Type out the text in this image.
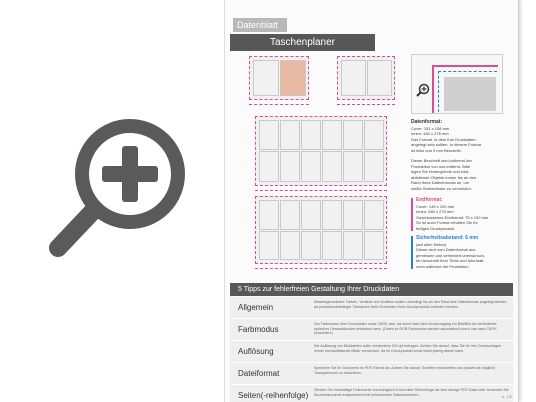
Datenblatt
Taschenplaner
Datenformat:
Cover: 151 x 108 mm
Innen: 460 x 276 mm
Das Format, in dem Ihre Druckdaten
angelegt sein sollten. In diesem Format
ist links und 3 mm Beschnitt.
Dieser Beschnitt wird während der
Produktion von uns entfernt. Bitte
legen Sie Hintergründe und wird-
abfallende Objekte immer bis an den
Rand Ihres Datenformats an, um
weiße Seitenränder zu vermeiden.
Endformat:
Cover: 145 x 100 mm
Innen: 460 x 275 mm
Geschlossenes Endformat: 75 x 100 mm
So ist auch Format erhalten Sie Ihr
fertiges Druckprodukt.
Sicherheitsabstand: 6 mm
(auf allen Seiten)
Dieser wird vom Datenformat aus
gemessen und verhindert unerwünsch-
ten Anschnitt Ihrer Texte und Informati-
onen während der Produktion.
5 Tipps zur fehlerfreien Gestaltung Ihrer Druckdaten
Allgemein
Mindestgrenzlinien: Farben, Verläufe und Grafiken sollten unbedingt bis an den Rand des Datenformats angelegt werden, da produktionsbedingte Toleranzen beim Schneiden Ihres Druckprodukts auftreten können.
Farbmodus
Der Farbmodus Ihrer Druckdaten muss CMYK sein, da sonst nach dem Druckvorgang ein Bild/Bild ein verändertes optisches Gesamtdruckes entstehen kann. (Daten im RGB-Farbmodus werden automatisch durch uns nach CMYK konvertiert.)
Auflösung
Die Auflösung von Bilddateien sollte mindestens 300 dpi betragen. Achten Sie darauf, dass Sie für Ihre Druckvorlagen immer hochauflösende Bilder verwenden, da Ihr Druckprodukt sonst leicht pixelig wirken kann.
Dateiformat
Speichern Sie Ihr Dokument im PDF-Format ab. Achten Sie darauf, Schriften einzubetten und (soweit als möglich) Transparenzen zu reduzieren.
Seiten(-reihenfolge)
Senden Sie mehrseitige Dokumente chronologisch in korrekter Reihenfolge als eine einzige PDF-Datei oder benennen Sie Einzeldokumente entsprechend mit fortlaufenden Seitennummern.	s. 1/2
